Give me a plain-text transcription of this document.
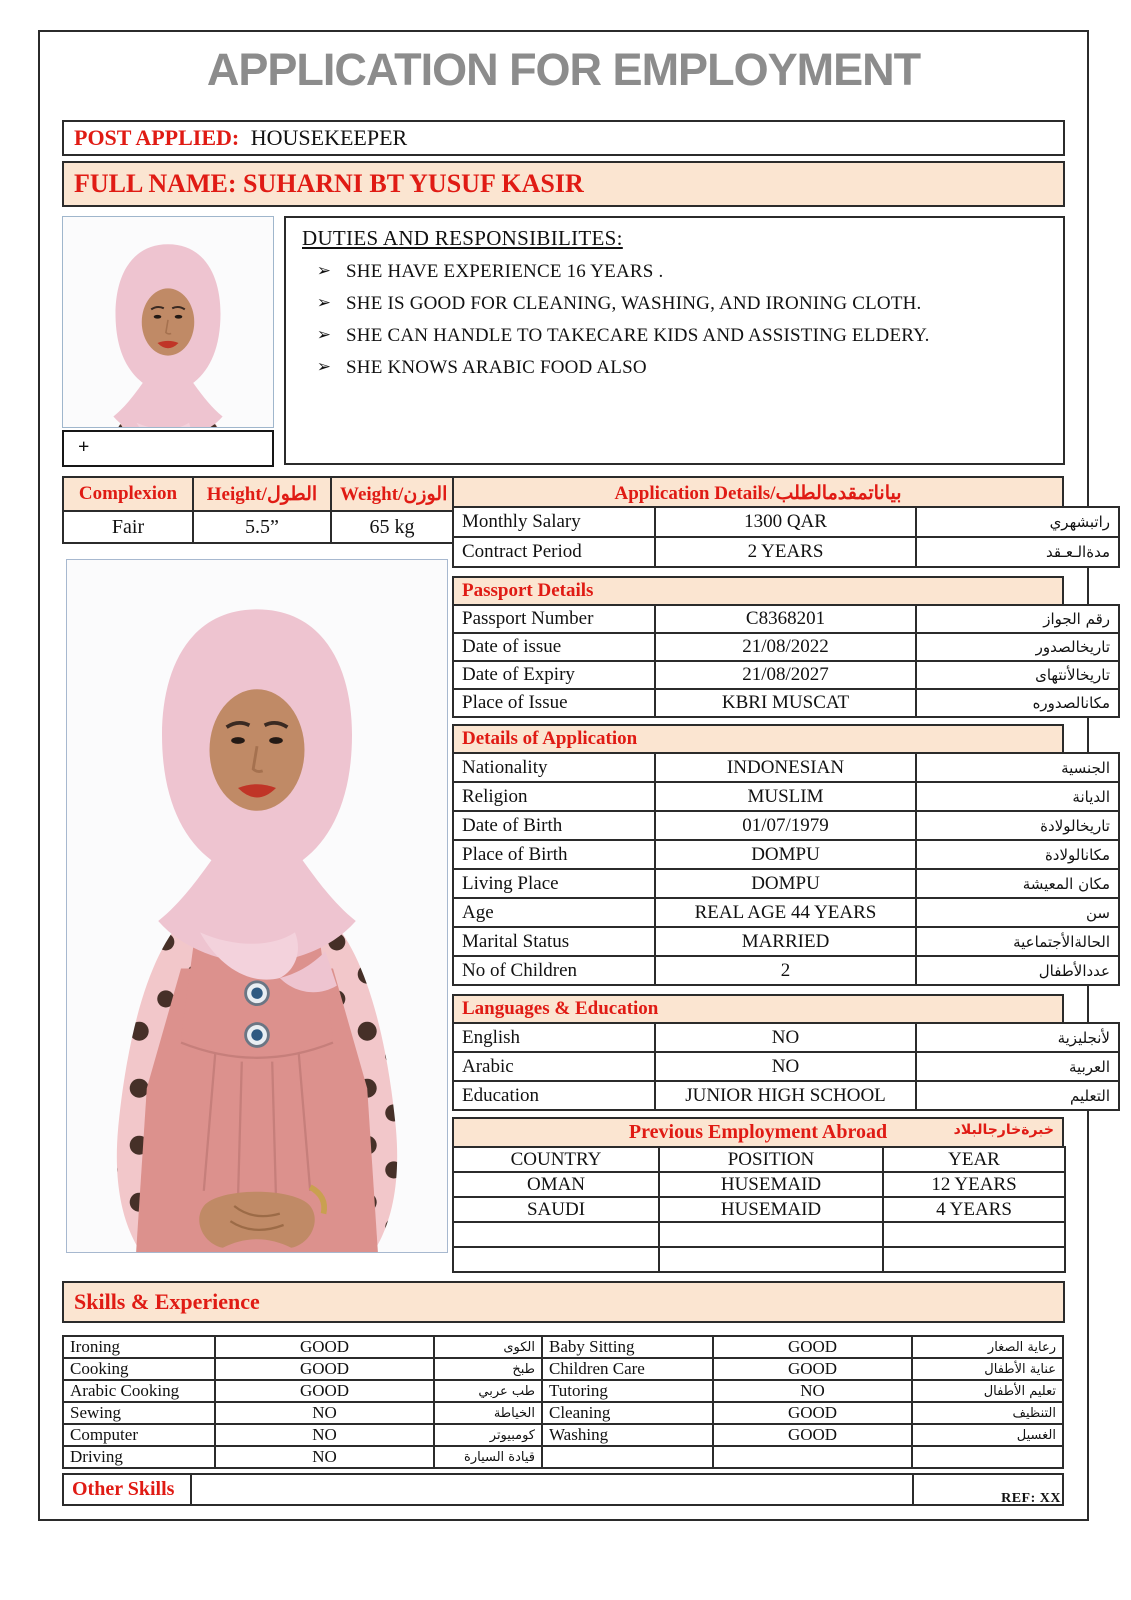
APPLICATION FOR EMPLOYMENT
POST APPLIED: HOUSEKEEPER
FULL NAME: SUHARNI BT YUSUF KASIR
+
DUTIES AND RESPONSIBILITES:
➢ SHE HAVE EXPERIENCE 16 YEARS .
➢ SHE IS GOOD FOR CLEANING, WASHING, AND IRONING CLOTH.
➢ SHE CAN HANDLE TO TAKECARE KIDS AND ASSISTING ELDERY.
➢ SHE KNOWS ARABIC FOOD ALSO
Complexion	Height/الطول	Weight/الوزن
Fair	5.5”	65 kg
Application Details/بياناتمقدمالطلب
Monthly Salary	1300 QAR	راتبشهري
Contract Period	2 YEARS	مدةالـعـقد
Passport Details
Passport Number	C8368201	رقم الجواز
Date of issue	21/08/2022	تاريخالصدور
Date of Expiry	21/08/2027	تاريخالأنتهاى
Place of Issue	KBRI MUSCAT	مكانالصدوره
Details of Application
Nationality	INDONESIAN	الجنسية
Religion	MUSLIM	الديانة
Date of Birth	01/07/1979	تاريخالولادة
Place of Birth	DOMPU	مكانالولادة
Living Place	DOMPU	مكان المعيشة
Age	REAL AGE 44 YEARS	سن
Marital Status	MARRIED	الحالةالأجتماعية
No of Children	2	عددالأطفال
Languages & Education
English	NO	لأنجليزية
Arabic	NO	العربية
Education	JUNIOR HIGH SCHOOL	التعليم
Previous Employment Abroad	خبرةخارجالبلاد
COUNTRY	POSITION	YEAR
OMAN	HUSEMAID	12 YEARS
SAUDI	HUSEMAID	4 YEARS

Skills & Experience
Ironing	GOOD	الكوى	Baby Sitting	GOOD	رعاية الصغار
Cooking	GOOD	طبخ	Children Care	GOOD	عناية الأطفال
Arabic Cooking	GOOD	طب عربي	Tutoring	NO	تعليم الأطفال
Sewing	NO	الخياطة	Cleaning	GOOD	التنظيف
Computer	NO	كومبيوتر	Washing	GOOD	الغسيل
Driving	NO	قيادة السيارة			
Other Skills			REF: XX
